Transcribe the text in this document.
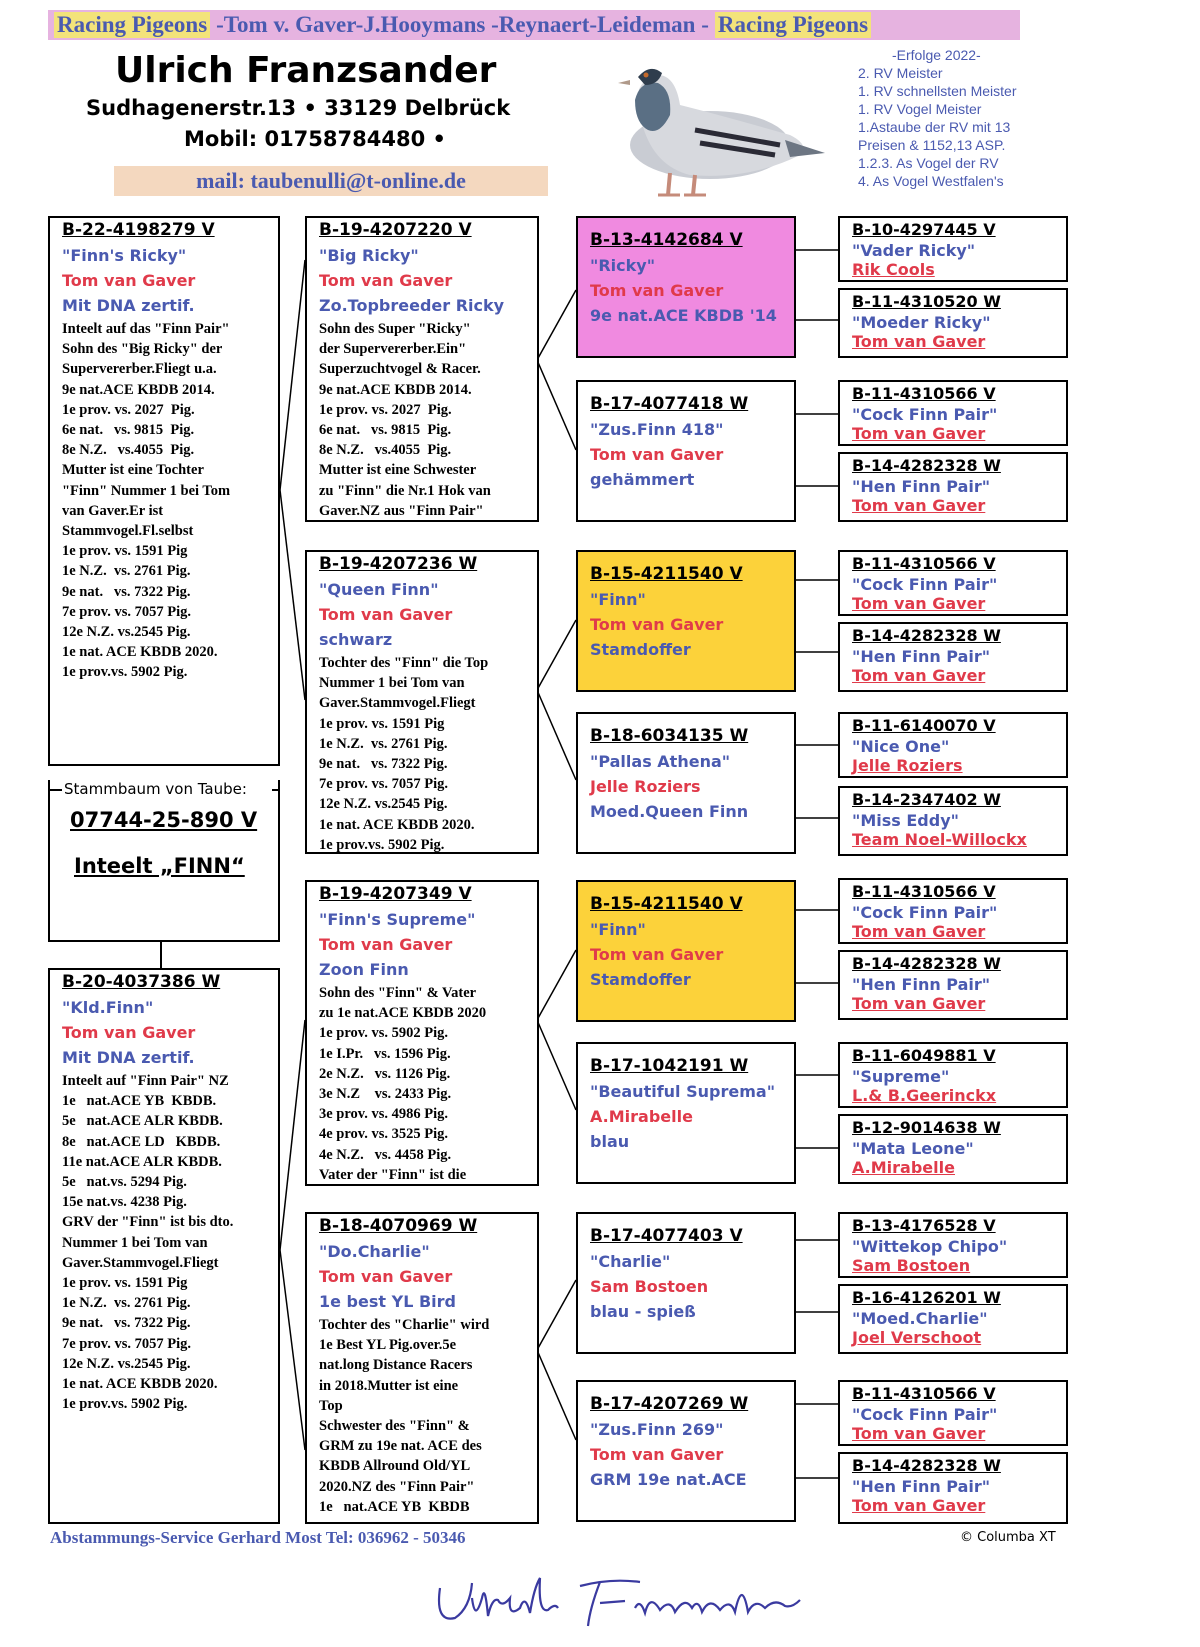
Racing Pigeons -Tom v. Gaver-J.Hooymans -Reynaert-Leideman - Racing Pigeons
Ulrich Franzsander
Sudhagenerstr.13 • 33129 Delbrück
Mobil: 01758784480 •
mail: taubenulli@t-online.de
-Erfolge 2022-
2. RV Meister
1. RV schnellsten Meister
1. RV Vogel Meister
1.Astaube der RV mit 13
Preisen & 1152,13 ASP.
1.2.3. As Vogel der RV
4. As Vogel Westfalen's
B-22-4198279 V
"Finn's Ricky"
Tom van Gaver
Mit DNA zertif.
Inteelt auf das "Finn Pair"
Sohn des "Big Ricky" der
Supervererber.Fliegt u.a.
9e nat.ACE KBDB 2014.
1e prov. vs. 2027  Pig.
6e nat.   vs. 9815  Pig.
8e N.Z.   vs.4055  Pig.
Mutter ist eine Tochter
"Finn" Nummer 1 bei Tom
van Gaver.Er ist
Stammvogel.Fl.selbst
1e prov. vs. 1591 Pig
1e N.Z.  vs. 2761 Pig.
9e nat.   vs. 7322 Pig.
7e prov. vs. 7057 Pig.
12e N.Z. vs.2545 Pig.
1e nat. ACE KBDB 2020.
1e prov.vs. 5902 Pig.
Stammbaum von Taube:
07744-25-890 V
Inteelt „FINN“
B-20-4037386 W
"Kld.Finn"
Tom van Gaver
Mit DNA zertif.
Inteelt auf "Finn Pair" NZ
1e   nat.ACE YB  KBDB.
5e   nat.ACE ALR KBDB.
8e   nat.ACE LD   KBDB.
11e nat.ACE ALR KBDB.
5e   nat.vs. 5294 Pig.
15e nat.vs. 4238 Pig.
GRV der "Finn" ist bis dto.
Nummer 1 bei Tom van
Gaver.Stammvogel.Fliegt
1e prov. vs. 1591 Pig
1e N.Z.  vs. 2761 Pig.
9e nat.   vs. 7322 Pig.
7e prov. vs. 7057 Pig.
12e N.Z. vs.2545 Pig.
1e nat. ACE KBDB 2020.
1e prov.vs. 5902 Pig.
B-19-4207220 V
"Big Ricky"
Tom van Gaver
Zo.Topbreeder Ricky
Sohn des Super "Ricky"
der Supervererber.Ein"
Superzuchtvogel & Racer.
9e nat.ACE KBDB 2014.
1e prov. vs. 2027  Pig.
6e nat.   vs. 9815  Pig.
8e N.Z.   vs.4055  Pig.
Mutter ist eine Schwester
zu "Finn" die Nr.1 Hok van
Gaver.NZ aus "Finn Pair"
B-19-4207236 W
"Queen Finn"
Tom van Gaver
schwarz
Tochter des "Finn" die Top
Nummer 1 bei Tom van
Gaver.Stammvogel.Fliegt
1e prov. vs. 1591 Pig
1e N.Z.  vs. 2761 Pig.
9e nat.   vs. 7322 Pig.
7e prov. vs. 7057 Pig.
12e N.Z. vs.2545 Pig.
1e nat. ACE KBDB 2020.
1e prov.vs. 5902 Pig.
B-19-4207349 V
"Finn's Supreme"
Tom van Gaver
Zoon Finn
Sohn des "Finn" & Vater
zu 1e nat.ACE KBDB 2020
1e prov. vs. 5902 Pig.
1e I.Pr.   vs. 1596 Pig.
2e N.Z.   vs. 1126 Pig.
3e N.Z    vs. 2433 Pig.
3e prov. vs. 4986 Pig.
4e prov. vs. 3525 Pig.
4e N.Z.   vs. 4458 Pig.
Vater der "Finn" ist die
B-18-4070969 W
"Do.Charlie"
Tom van Gaver
1e best YL Bird
Tochter des "Charlie" wird
1e Best YL Pig.over.5e
nat.long Distance Racers
in 2018.Mutter ist eine
Top
Schwester des "Finn" &
GRM zu 19e nat. ACE des
KBDB Allround Old/YL
2020.NZ des "Finn Pair"
1e   nat.ACE YB  KBDB
B-13-4142684 V
"Ricky"
Tom van Gaver
9e nat.ACE KBDB '14
B-17-4077418 W
"Zus.Finn 418"
Tom van Gaver
gehämmert
B-15-4211540 V
"Finn"
Tom van Gaver
Stamdoffer
B-18-6034135 W
"Pallas Athena"
Jelle Roziers
Moed.Queen Finn
B-15-4211540 V
"Finn"
Tom van Gaver
Stamdoffer
B-17-1042191 W
"Beautiful Suprema"
A.Mirabelle
blau
B-17-4077403 V
"Charlie"
Sam Bostoen
blau - spieß
B-17-4207269 W
"Zus.Finn 269"
Tom van Gaver
GRM 19e nat.ACE
B-10-4297445 V
"Vader Ricky"
Rik Cools
B-11-4310520 W
"Moeder Ricky"
Tom van Gaver
B-11-4310566 V
"Cock Finn Pair"
Tom van Gaver
B-14-4282328 W
"Hen Finn Pair"
Tom van Gaver
B-11-4310566 V
"Cock Finn Pair"
Tom van Gaver
B-14-4282328 W
"Hen Finn Pair"
Tom van Gaver
B-11-6140070 V
"Nice One"
Jelle Roziers
B-14-2347402 W
"Miss Eddy"
Team Noel-Willockx
B-11-4310566 V
"Cock Finn Pair"
Tom van Gaver
B-14-4282328 W
"Hen Finn Pair"
Tom van Gaver
B-11-6049881 V
"Supreme"
L.& B.Geerinckx
B-12-9014638 W
"Mata Leone"
A.Mirabelle
B-13-4176528 V
"Wittekop Chipo"
Sam Bostoen
B-16-4126201 W
"Moed.Charlie"
Joel Verschoot
B-11-4310566 V
"Cock Finn Pair"
Tom van Gaver
B-14-4282328 W
"Hen Finn Pair"
Tom van Gaver
Abstammungs-Service Gerhard Most Tel: 036962 - 50346	© Columba XT
